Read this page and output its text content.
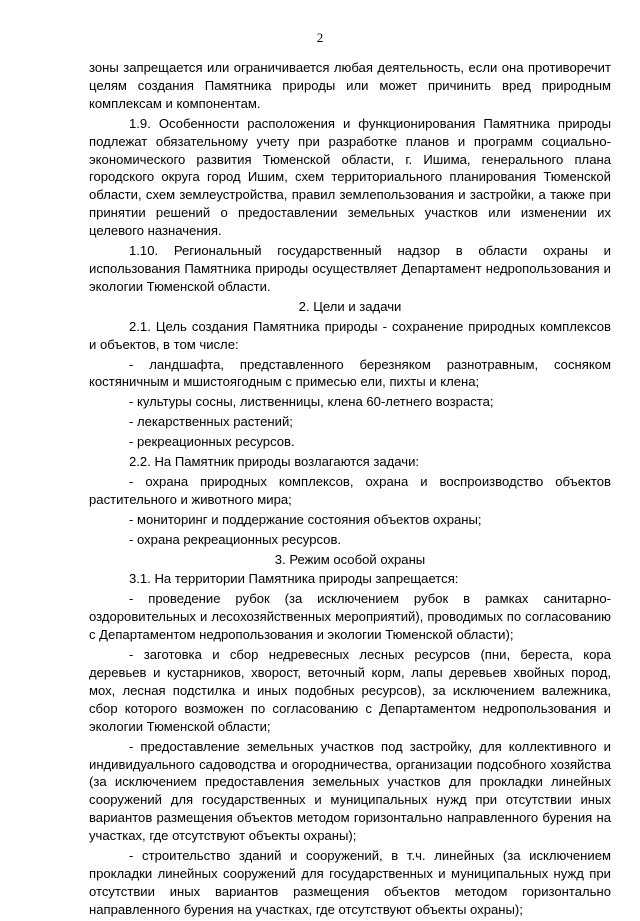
2
зоны запрещается или ограничивается любая деятельность, если она противоречит целям создания Памятника природы или может причинить вред природным комплексам и компонентам.
1.9. Особенности расположения и функционирования Памятника природы подлежат обязательному учету при разработке планов и программ социально-экономического развития Тюменской области, г. Ишима, генерального плана городского округа город Ишим, схем территориального планирования Тюменской области, схем землеустройства, правил землепользования и застройки, а также при принятии решений о предоставлении земельных участков или изменении их целевого назначения.
1.10. Региональный государственный надзор в области охраны и использования Памятника природы осуществляет Департамент недропользования и экологии Тюменской области.
2. Цели и задачи
2.1. Цель создания Памятника природы - сохранение природных комплексов и объектов, в том числе:
- ландшафта, представленного березняком разнотравным, сосняком костяничным и мшистоягодным с примесью ели, пихты и клена;
- культуры сосны, лиственницы, клена 60-летнего возраста;
- лекарственных растений;
- рекреационных ресурсов.
2.2. На Памятник природы возлагаются задачи:
- охрана природных комплексов, охрана и воспроизводство объектов растительного и животного мира;
- мониторинг и поддержание состояния объектов охраны;
- охрана рекреационных ресурсов.
3. Режим особой охраны
3.1. На территории Памятника природы запрещается:
- проведение рубок (за исключением рубок в рамках санитарно-оздоровительных и лесохозяйственных мероприятий), проводимых по согласованию с Департаментом недропользования и экологии Тюменской области);
- заготовка и сбор недревесных лесных ресурсов (пни, береста, кора деревьев и кустарников, хворост, веточный корм, лапы деревьев хвойных пород, мох, лесная подстилка и иных подобных ресурсов), за исключением валежника, сбор которого возможен по согласованию с Департаментом недропользования и экологии Тюменской области;
- предоставление земельных участков под застройку, для коллективного и индивидуального садоводства и огородничества, организации подсобного хозяйства (за исключением предоставления земельных участков для прокладки линейных сооружений для государственных и муниципальных нужд при отсутствии иных вариантов размещения объектов методом горизонтально направленного бурения на участках, где отсутствуют объекты охраны);
- строительство зданий и сооружений, в т.ч. линейных (за исключением прокладки линейных сооружений для государственных и муниципальных нужд при отсутствии иных вариантов размещения объектов методом горизонтально направленного бурения на участках, где отсутствуют объекты охраны);
